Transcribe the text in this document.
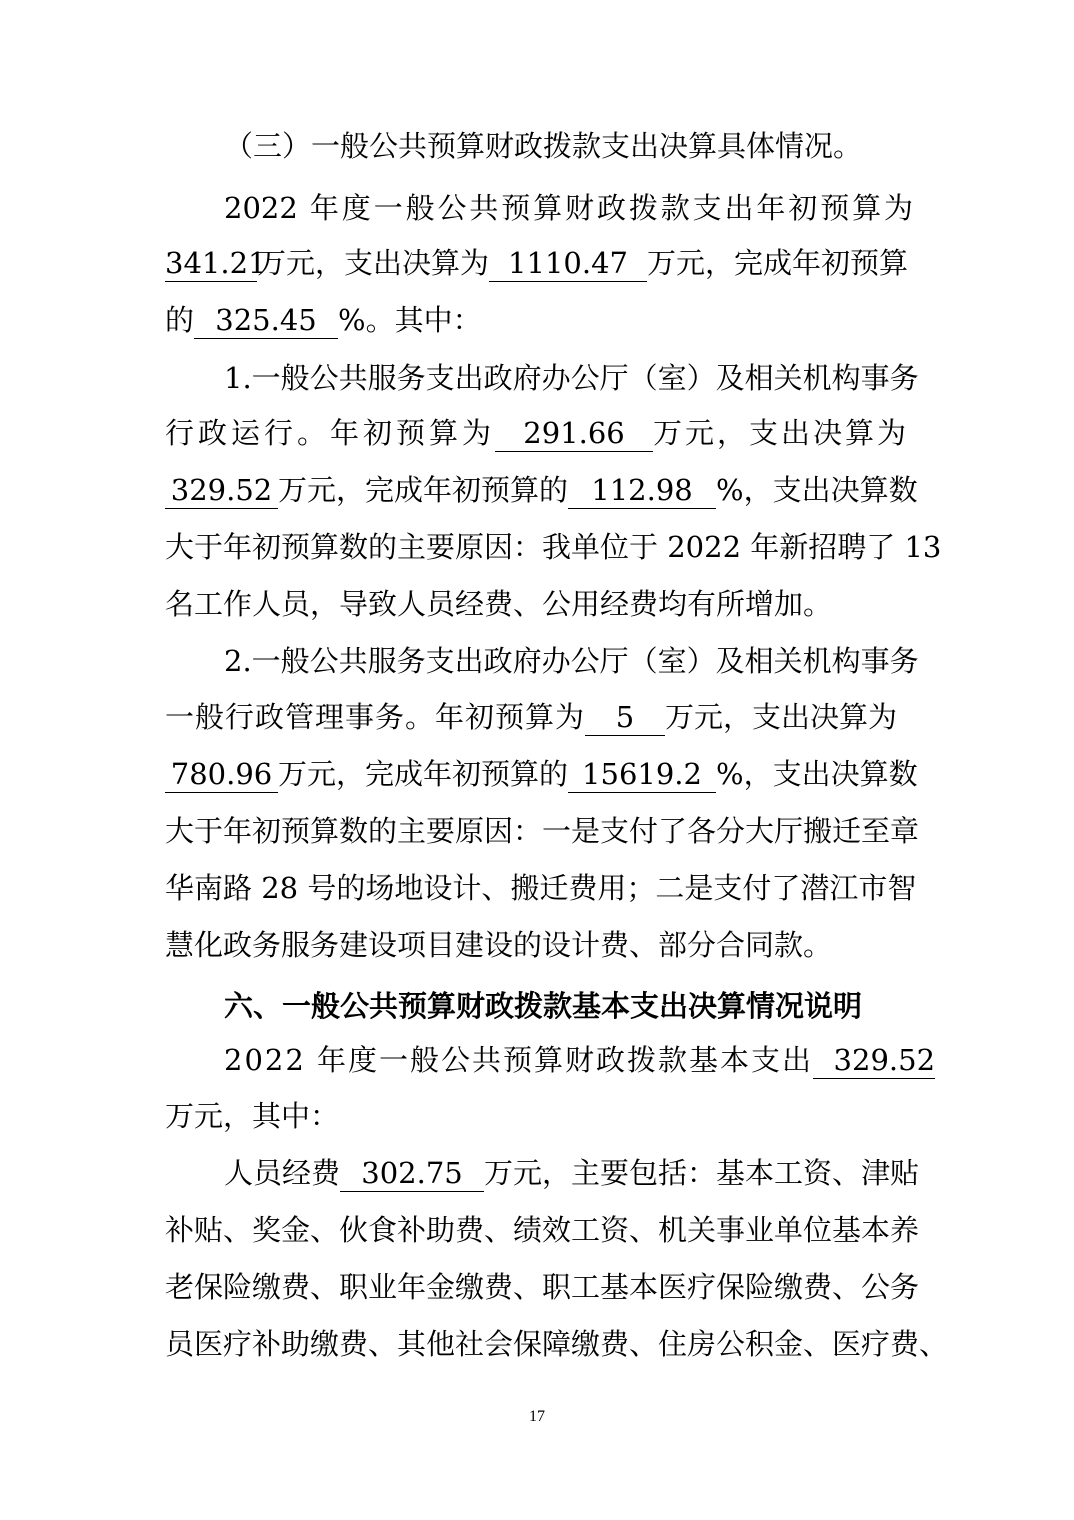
（三）一般公共预算财政拨款支出决算具体情况。
2022 年度一般公共预算财政拨款支出年初预算为
341.21万元，支出决算为 1110.47 万元，完成年初预算
的 325.45 %。其中：
1.一般公共服务支出政府办公厅（室）及相关机构事务
行政运行。年初预算为 291.66 万元，支出决算为
329.52 万元，完成年初预算的 112.98 %，支出决算数
大于年初预算数的主要原因：我单位于 2022 年新招聘了 13
名工作人员，导致人员经费、公用经费均有所增加。
2.一般公共服务支出政府办公厅（室）及相关机构事务
一般行政管理事务。年初预算为 5 万元，支出决算为
780.96 万元，完成年初预算的 15619.2 %，支出决算数
大于年初预算数的主要原因：一是支付了各分大厅搬迁至章
华南路 28 号的场地设计、搬迁费用；二是支付了潜江市智
慧化政务服务建设项目建设的设计费、部分合同款。
六、一般公共预算财政拨款基本支出决算情况说明
2022 年度一般公共预算财政拨款基本支出 329.52
万元，其中：
人员经费 302.75 万元，主要包括：基本工资、津贴
补贴、奖金、伙食补助费、绩效工资、机关事业单位基本养
老保险缴费、职业年金缴费、职工基本医疗保险缴费、公务
员医疗补助缴费、其他社会保障缴费、住房公积金、医疗费、
17
